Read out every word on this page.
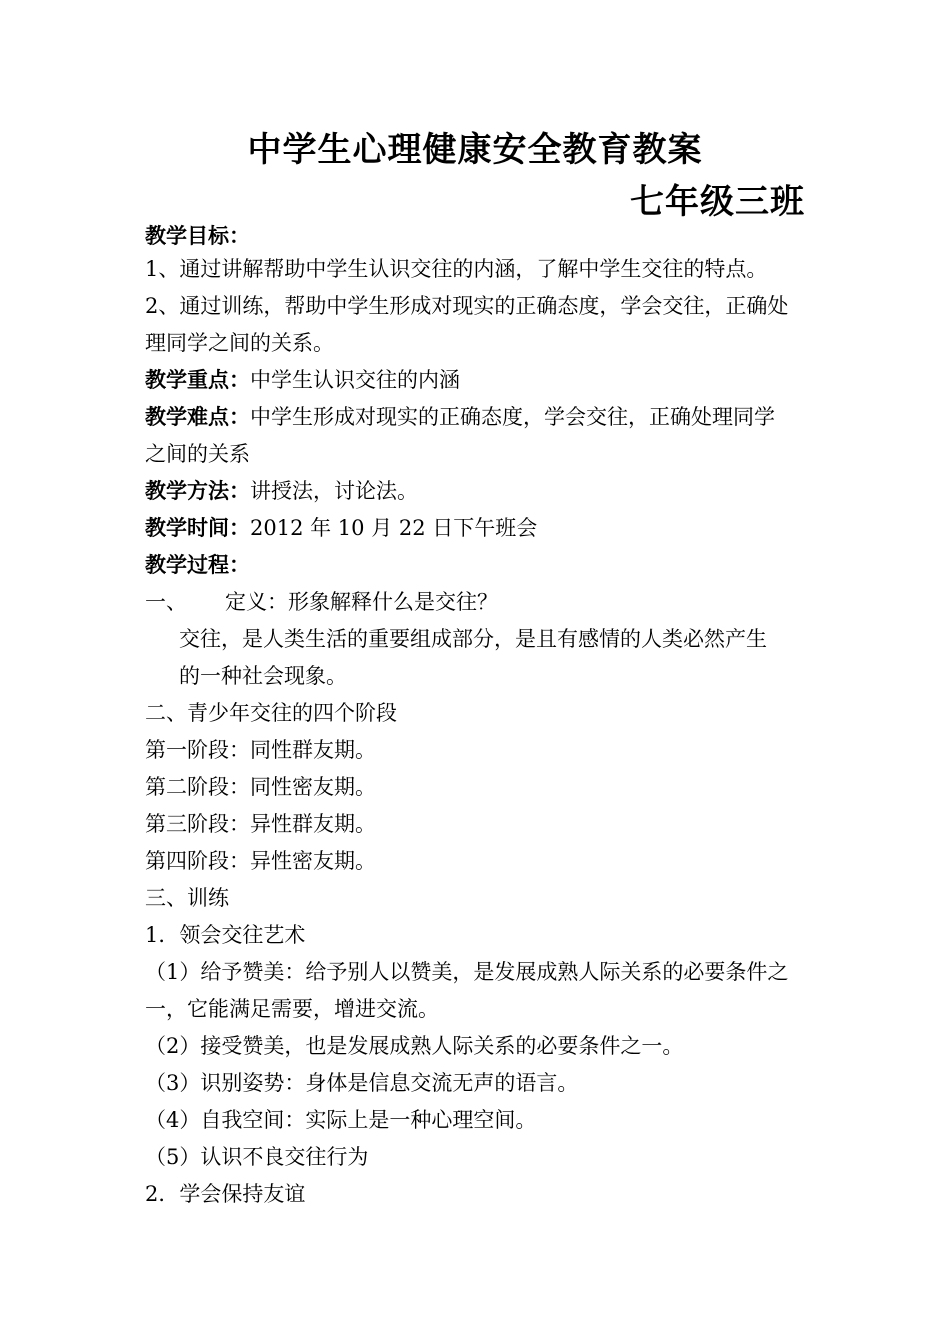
中学生心理健康安全教育教案
七年级三班
教学目标：
1、通过讲解帮助中学生认识交往的内涵，了解中学生交往的特点。
2、通过训练，帮助中学生形成对现实的正确态度，学会交往，正确处
理同学之间的关系。
教学重点：中学生认识交往的内涵
教学难点：中学生形成对现实的正确态度，学会交往，正确处理同学
之间的关系
教学方法：讲授法，讨论法。
教学时间：2012 年 10 月 22 日下午班会
教学过程：
一、 定义：形象解释什么是交往？
交往，是人类生活的重要组成部分，是且有感情的人类必然产生
的一种社会现象。
二、青少年交往的四个阶段
第一阶段：同性群友期。
第二阶段：同性密友期。
第三阶段：异性群友期。
第四阶段：异性密友期。
三、训练
1．领会交往艺术
（1）给予赞美：给予别人以赞美，是发展成熟人际关系的必要条件之
一，它能满足需要，增进交流。
（2）接受赞美，也是发展成熟人际关系的必要条件之一。
（3）识别姿势：身体是信息交流无声的语言。
（4）自我空间：实际上是一种心理空间。
（5）认识不良交往行为
2．学会保持友谊
